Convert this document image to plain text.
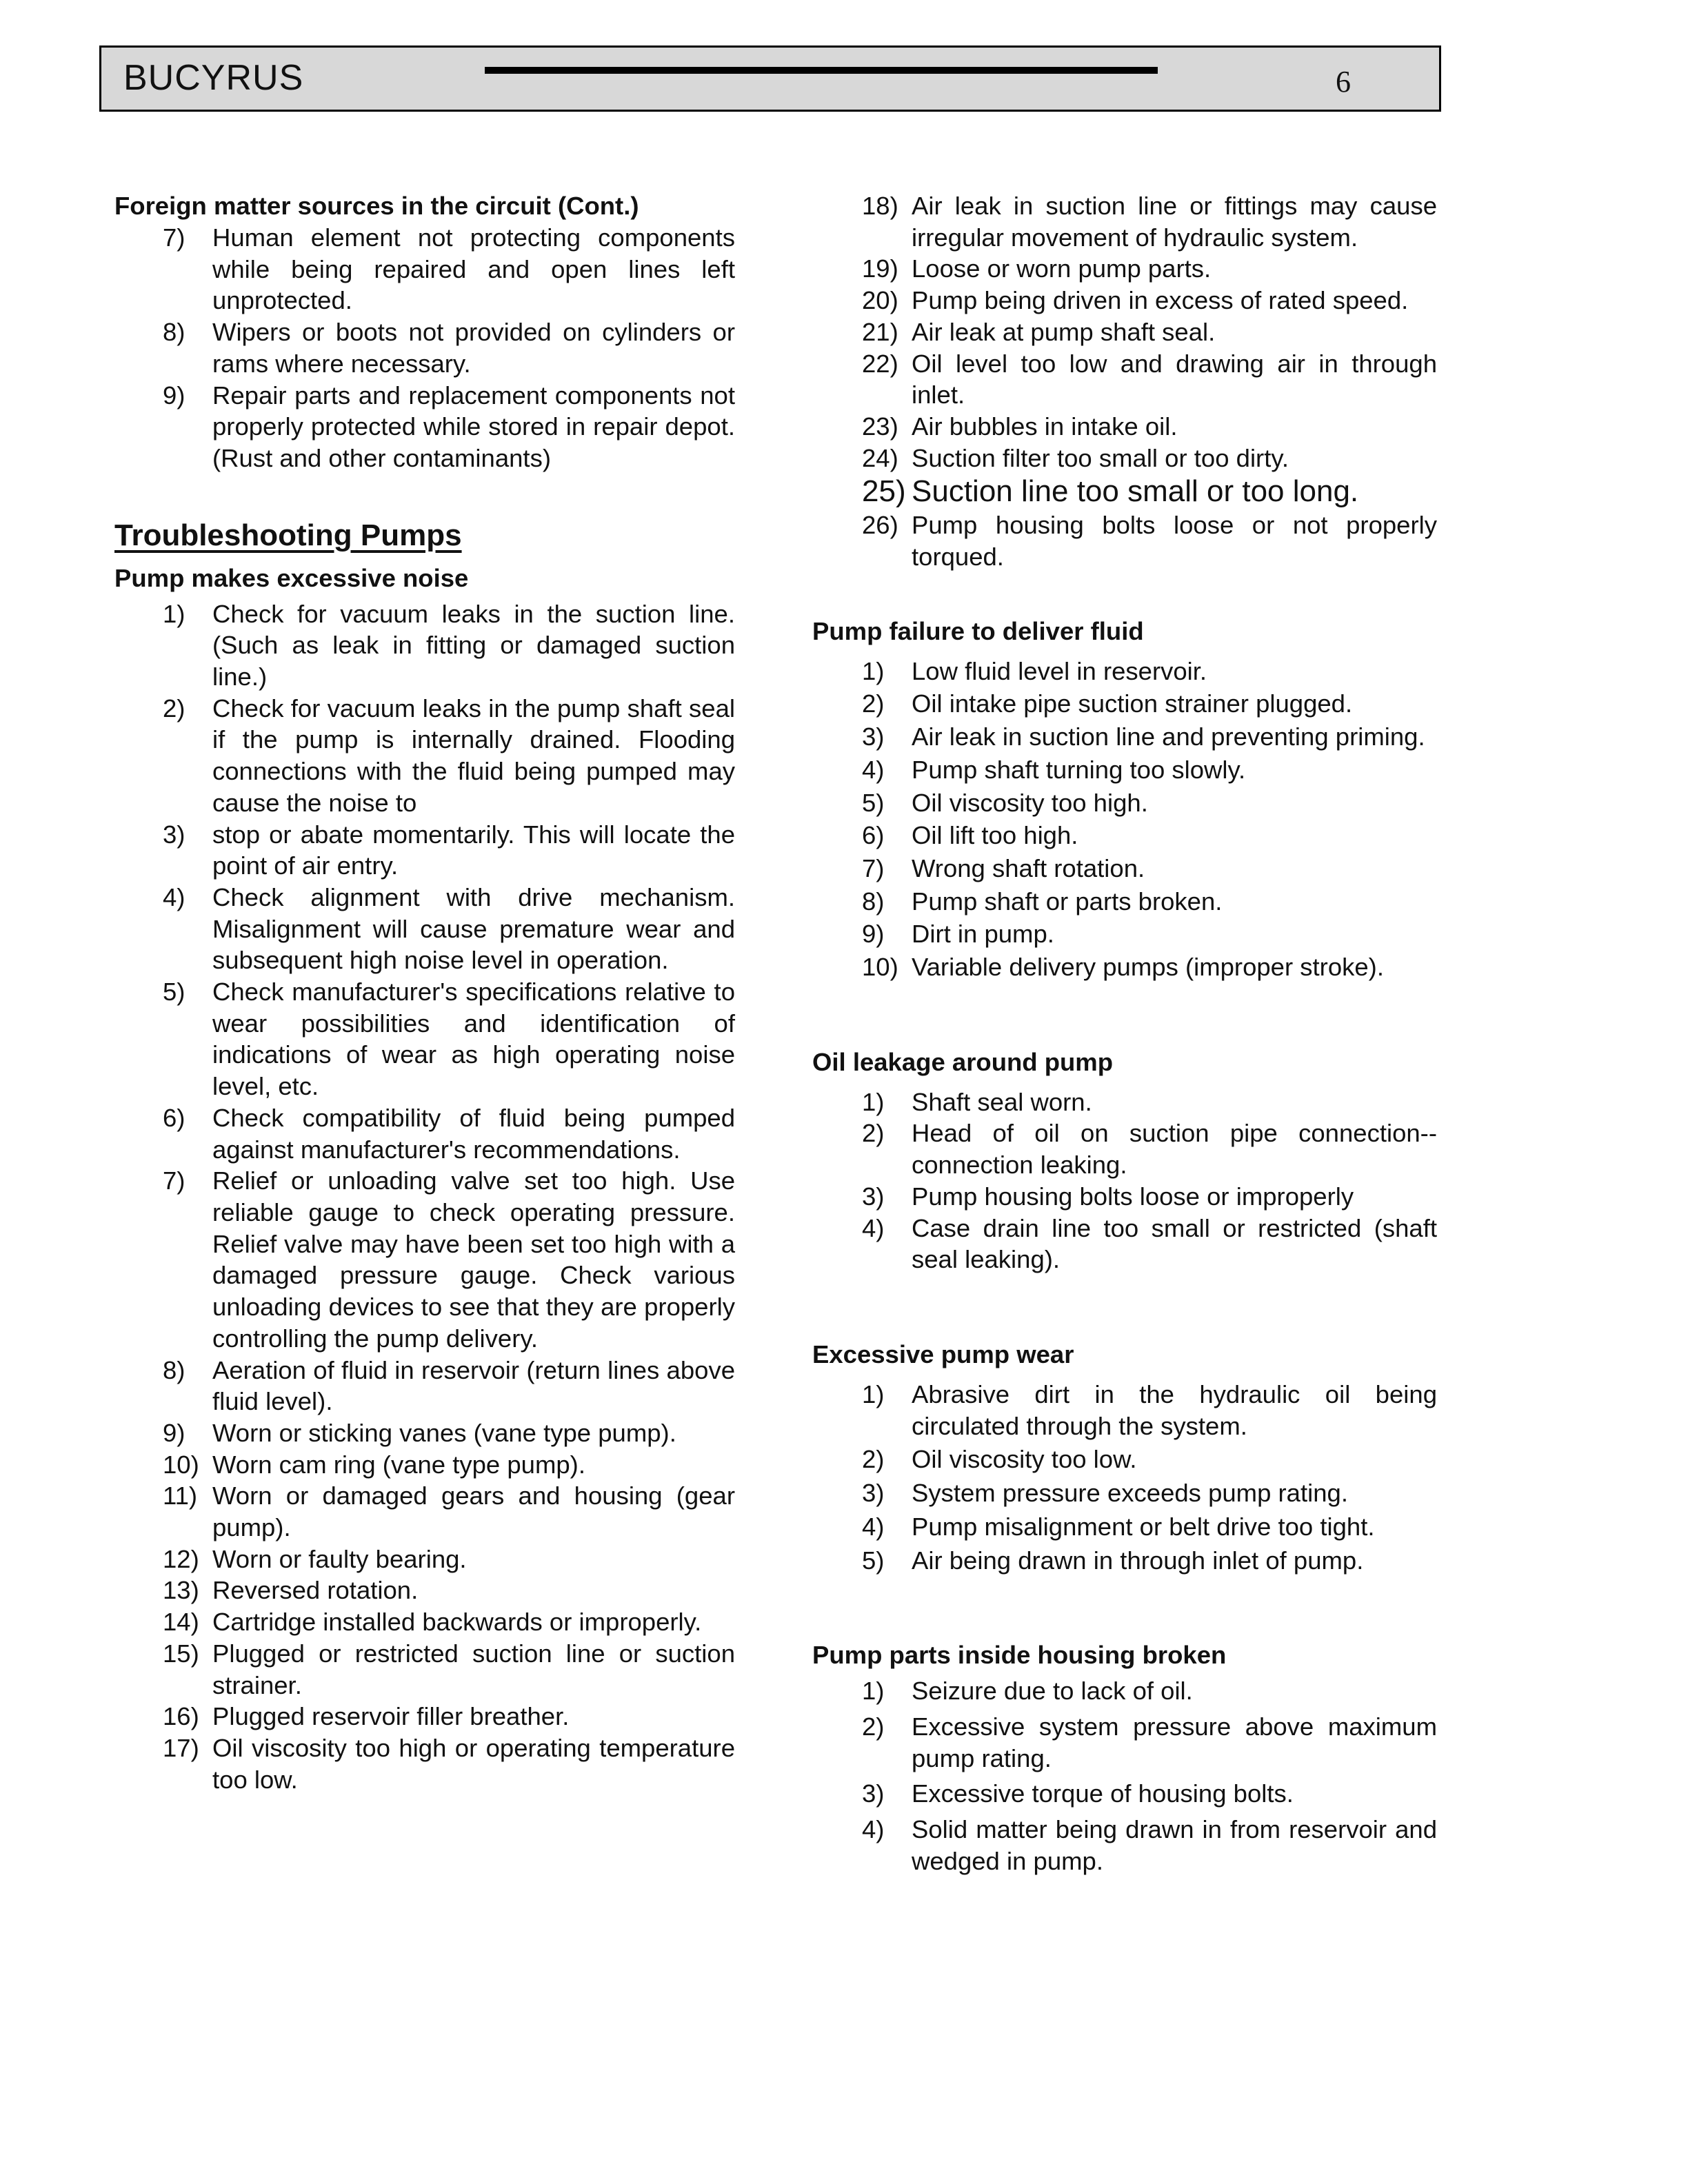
BUCYRUS	6

Foreign matter sources in the circuit (Cont.)

7)	Human element not protecting components while being repaired and open lines left unprotected.
8)	Wipers or boots not provided on cylinders or rams where necessary.
9)	Repair parts and replacement components not properly protected while stored in repair depot. (Rust and other contaminants)

Troubleshooting Pumps

Pump makes excessive noise

1)	Check for vacuum leaks in the suction line. (Such as leak in fitting or damaged suction line.)
2)	Check for vacuum leaks in the pump shaft seal if the pump is internally drained. Flooding connections with the fluid being pumped may cause the noise to
3)	stop or abate momentarily. This will locate the point of air entry.
4)	Check alignment with drive mechanism. Misalignment will cause premature wear and subsequent high noise level in operation.
5)	Check manufacturer's specifications relative to wear possibilities and identification of indications of wear as high operating noise level, etc.
6)	Check compatibility of fluid being pumped against manufacturer's recommendations.
7)	Relief or unloading valve set too high. Use reliable gauge to check operating pressure. Relief valve may have been set too high with a damaged pressure gauge. Check various unloading devices to see that they are properly controlling the pump delivery.
8)	Aeration of fluid in reservoir (return lines above fluid level).
9)	Worn or sticking vanes (vane type pump).
10) Worn cam ring (vane type pump).
11) Worn or damaged gears and housing (gear pump).
12) Worn or faulty bearing.
13) Reversed rotation.
14) Cartridge installed backwards or improperly.
15) Plugged or restricted suction line or suction strainer.
16) Plugged reservoir filler breather.
17) Oil viscosity too high or operating temperature too low.
18) Air leak in suction line or fittings may cause irregular movement of hydraulic system.
19) Loose or worn pump parts.
20) Pump being driven in excess of rated speed.
21) Air leak at pump shaft seal.
22) Oil level too low and drawing air in through inlet.
23) Air bubbles in intake oil.
24) Suction filter too small or too dirty.
25) Suction line too small or too long.
26) Pump housing bolts loose or not properly torqued.

Pump failure to deliver fluid

1)	Low fluid level in reservoir.
2)	Oil intake pipe suction strainer plugged.
3)	Air leak in suction line and preventing priming.
4)	Pump shaft turning too slowly.
5)	Oil viscosity too high.
6)	Oil lift too high.
7)	Wrong shaft rotation.
8)	Pump shaft or parts broken.
9)	Dirt in pump.
10) Variable delivery pumps (improper stroke).

Oil leakage around pump

1)	Shaft seal worn.
2)	Head of oil on suction pipe connection--connection leaking.
3)	Pump housing bolts loose or improperly
4)	Case drain line too small or restricted (shaft seal leaking).

Excessive pump wear

1)	Abrasive dirt in the hydraulic oil being circulated through the system.
2)	Oil viscosity too low.
3)	System pressure exceeds pump rating.
4)	Pump misalignment or belt drive too tight.
5)	Air being drawn in through inlet of pump.

Pump parts inside housing broken

1)	Seizure due to lack of oil.
2)	Excessive system pressure above maximum pump rating.
3)	Excessive torque of housing bolts.
4)	Solid matter being drawn in from reservoir and wedged in pump.
